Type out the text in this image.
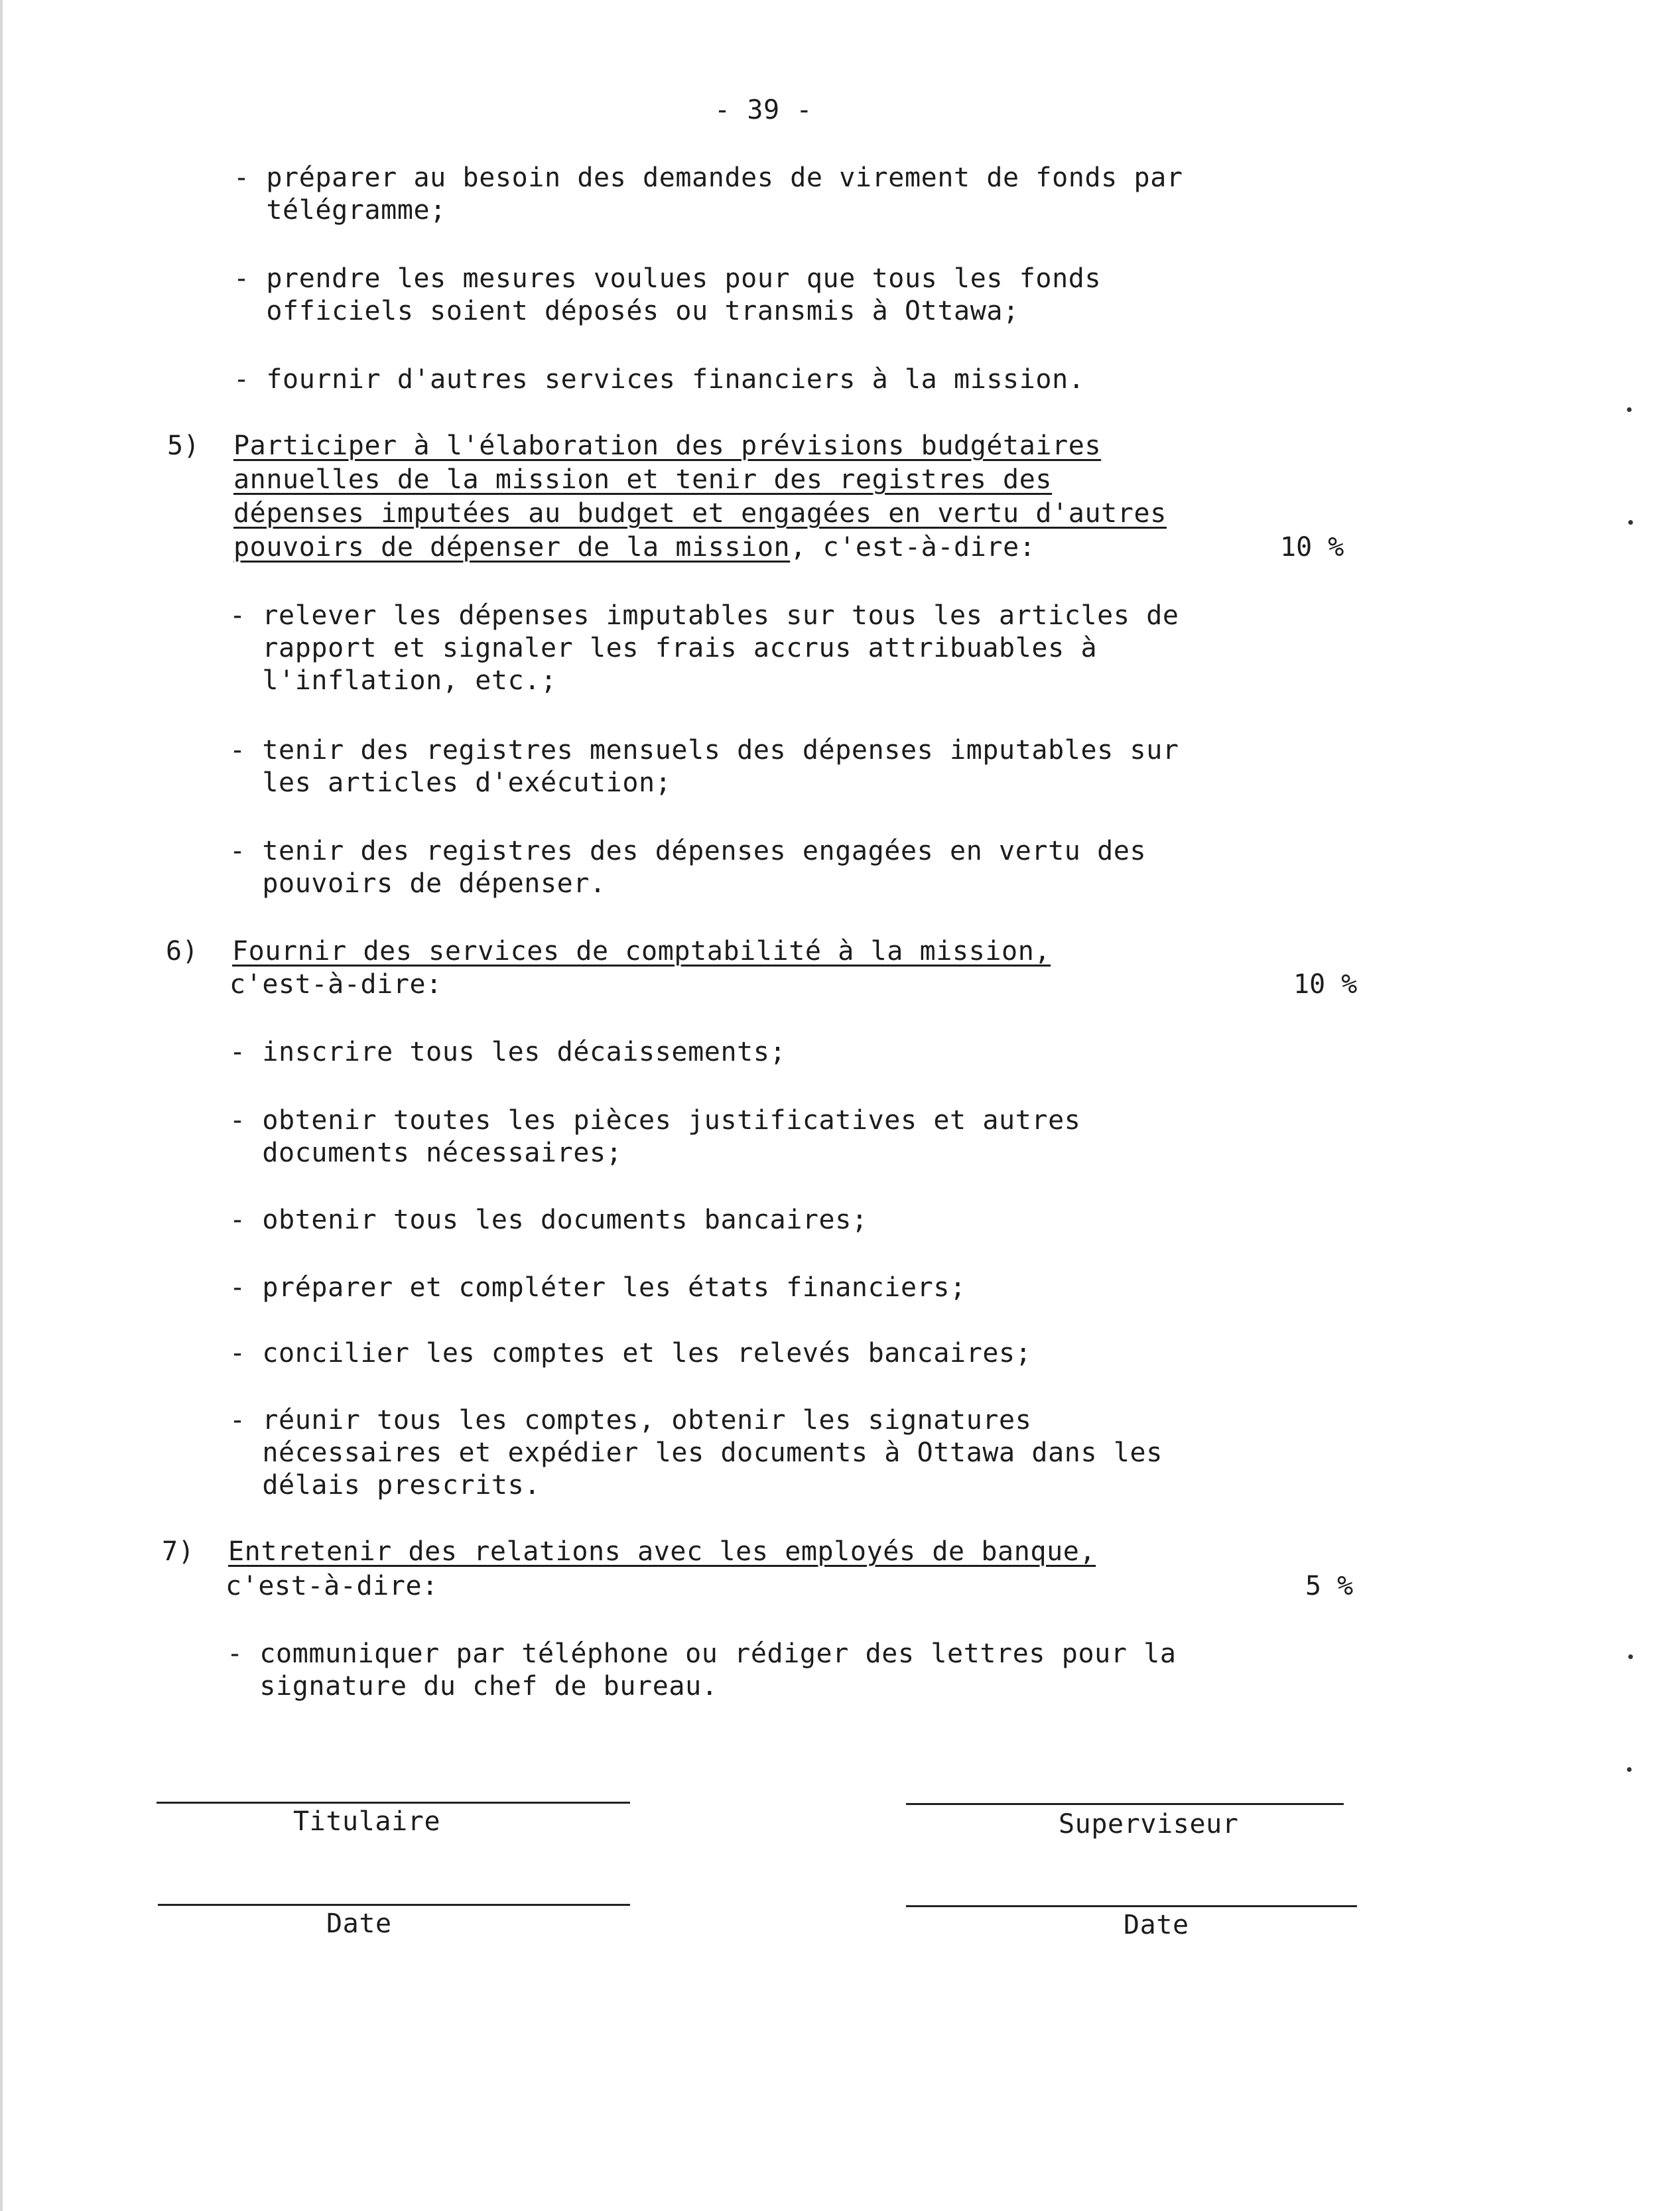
- 39 -
- préparer au besoin des demandes de virement de fonds par
télégramme;
- prendre les mesures voulues pour que tous les fonds
officiels soient déposés ou transmis à Ottawa;
- fournir d'autres services financiers à la mission.
5) Participer à l'élaboration des prévisions budgétaires
annuelles de la mission et tenir des registres des
dépenses imputées au budget et engagées en vertu d'autres
pouvoirs de dépenser de la mission, c'est-à-dire:	10 %
- relever les dépenses imputables sur tous les articles de
rapport et signaler les frais accrus attribuables à
l'inflation, etc.;
- tenir des registres mensuels des dépenses imputables sur
les articles d'exécution;
- tenir des registres des dépenses engagées en vertu des
pouvoirs de dépenser.
6) Fournir des services de comptabilité à la mission,
c'est-à-dire:	10 %
- inscrire tous les décaissements;
- obtenir toutes les pièces justificatives et autres
documents nécessaires;
- obtenir tous les documents bancaires;
- préparer et compléter les états financiers;
- concilier les comptes et les relevés bancaires;
- réunir tous les comptes, obtenir les signatures
nécessaires et expédier les documents à Ottawa dans les
délais prescrits.
7) Entretenir des relations avec les employés de banque,
c'est-à-dire:	5 %
- communiquer par téléphone ou rédiger des lettres pour la
signature du chef de bureau.
Titulaire	Superviseur
Date	Date
